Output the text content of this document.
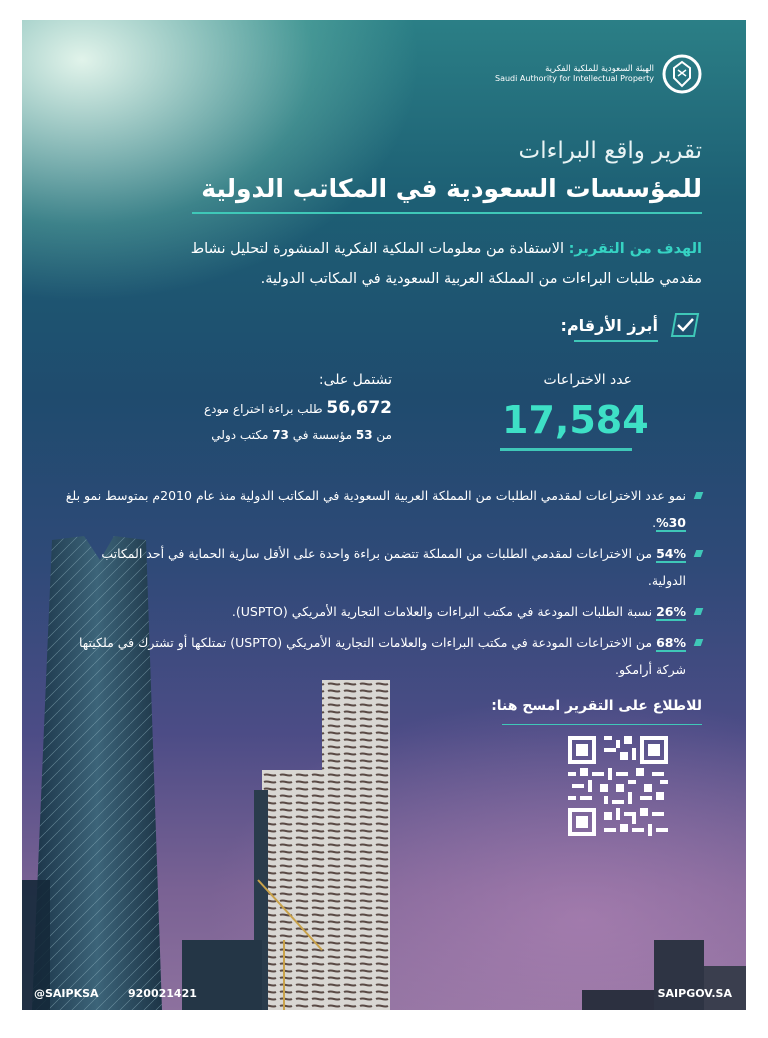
الهيئة السعودية للملكية الفكرية
Saudi Authority for Intellectual Property
تقرير واقع البراءات
للمؤسسات السعودية في المكاتب الدولية
الهدف من التقرير: الاستفادة من معلومات الملكية الفكرية المنشورة لتحليل نشاط مقدمي طلبات البراءات من المملكة العربية السعودية في المكاتب الدولية.
أبرز الأرقام:
عدد الاختراعات
17,584
تشتمل على:
56,672 طلب براءة اختراع مودع
من 53 مؤسسة في 73 مكتب دولي
نمو عدد الاختراعات لمقدمي الطلبات من المملكة العربية السعودية في المكاتب الدولية منذ عام 2010م بمتوسط نمو بلغ 30%.
54% من الاختراعات لمقدمي الطلبات من المملكة تتضمن براءة واحدة على الأقل سارية الحماية في أحد المكاتب الدولية.
26% نسبة الطلبات المودعة في مكتب البراءات والعلامات التجارية الأمريكي (USPTO).
68% من الاختراعات المودعة في مكتب البراءات والعلامات التجارية الأمريكي (USPTO) تمتلكها أو تشترك في ملكيتها شركة أرامكو.
للاطلاع على التقرير امسح هنا:
@SAIPKSA	920021421	SAIPGOV.SA
